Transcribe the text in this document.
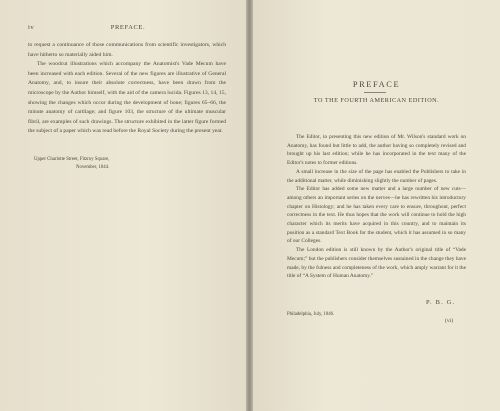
iv	PREFACE.

to request a continuance of those communications from scientific investigators, which have hitherto so materially aided him.

The woodcut illustrations which accompany the Anatomist's Vade Mecum have been increased with each edition. Several of the new figures are illustrative of General Anatomy, and, to insure their absolute correctness, have been drawn from the microscope by the Author himself, with the aid of the camera lucida. Figures 13, 14, 15, showing the changes which occur during the development of bone; figures 65–66, the minute anatomy of cartilage; and figure 103, the structure of the ultimate muscular fibril, are examples of such drawings. The structure exhibited in the latter figure formed the subject of a paper which was read before the Royal Society during the present year.

Upper Charlotte Street, Fitzroy Square,
November, 1844.
PREFACE
TO THE FOURTH AMERICAN EDITION.

The Editor, in presenting this new edition of Mr. Wilson's standard work on Anatomy, has found but little to add, the author having so completely revised and brought up his last edition; while he has incorporated in the text many of the Editor's notes to former editions.

A small increase in the size of the page has enabled the Publishers to take in the additional matter, while diminishing slightly the number of pages.

The Editor has added some new matter and a large number of new cuts—among others an important series on the nerves—he has rewritten his introductory chapter on Histology; and he has taken every care to ensure, throughout, perfect correctness in the text. He thus hopes that the work will continue to hold the high character which its merits have acquired in this country, and to maintain its position as a standard Text Book for the student, which it has assumed in so many of our Colleges.

The London edition is still known by the Author's original title of “Vade Mecum;” but the publishers consider themselves sustained in the change they have made, by the fulness and completeness of the work, which amply warrant for it the title of “A System of Human Anatomy.”

P. B. G.
Philadelphia, July, 1846.
(vi)
